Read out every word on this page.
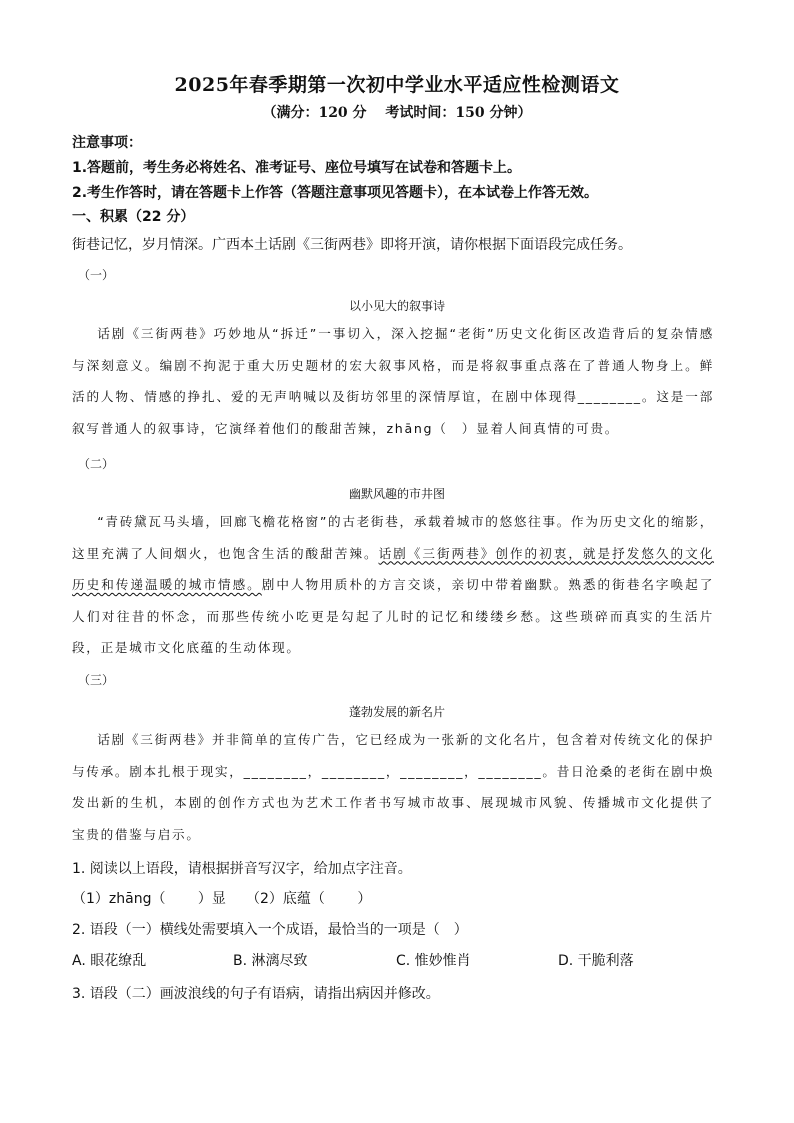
2025年春季期第一次初中学业水平适应性检测语文
（满分：120 分　 考试时间：150 分钟）
注意事项：
1.答题前，考生务必将姓名、准考证号、座位号填写在试卷和答题卡上。
2.考生作答时，请在答题卡上作答（答题注意事项见答题卡），在本试卷上作答无效。
一、积累（22 分）
街巷记忆，岁月情深。广西本土话剧《三街两巷》即将开演，请你根据下面语段完成任务。
（一）
以小见大的叙事诗
话剧《三街两巷》巧妙地从“拆迁”一事切入，深入挖掘“老街”历史文化街区改造背后的复杂情感与深刻意义。编剧不拘泥于重大历史题材的宏大叙事风格，而是将叙事重点落在了普通人物身上。鲜活的人物、情感的挣扎、爱的无声呐喊以及街坊邻里的深情厚谊，在剧中体现得________。这是一部叙写普通人的叙事诗，它演绎着他们的酸甜苦辣，zhāng（　）显着人间真情的可贵。
（二）
幽默风趣的市井图
“青砖黛瓦马头墙，回廊飞檐花格窗”的古老街巷，承载着城市的悠悠往事。作为历史文化的缩影，这里充满了人间烟火，也饱含生活的酸甜苦辣。话剧《三街两巷》创作的初衷，就是抒发悠久的文化历史和传递温暖的城市情感。剧中人物用质朴的方言交谈，亲切中带着幽默。熟悉的街巷名字唤起了人们对往昔的怀念，而那些传统小吃更是勾起了儿时的记忆和缕缕乡愁。这些琐碎而真实的生活片段，正是城市文化底蕴的生动体现。
（三）
蓬勃发展的新名片
话剧《三街两巷》并非简单的宣传广告，它已经成为一张新的文化名片，包含着对传统文化的保护与传承。剧本扎根于现实，________，________，________，________。昔日沧桑的老街在剧中焕发出新的生机，本剧的创作方式也为艺术工作者书写城市故事、展现城市风貌、传播城市文化提供了宝贵的借鉴与启示。
1. 阅读以上语段，请根据拼音写汉字，给加点字注音。
（1）zhāng（　　 ）显 （2）底蕴（　　 ）
2. 语段（一）横线处需要填入一个成语，最恰当的一项是（　）
A. 眼花缭乱	B. 淋漓尽致	C. 惟妙惟肖	D. 干脆利落
3. 语段（二）画波浪线的句子有语病，请指出病因并修改。
